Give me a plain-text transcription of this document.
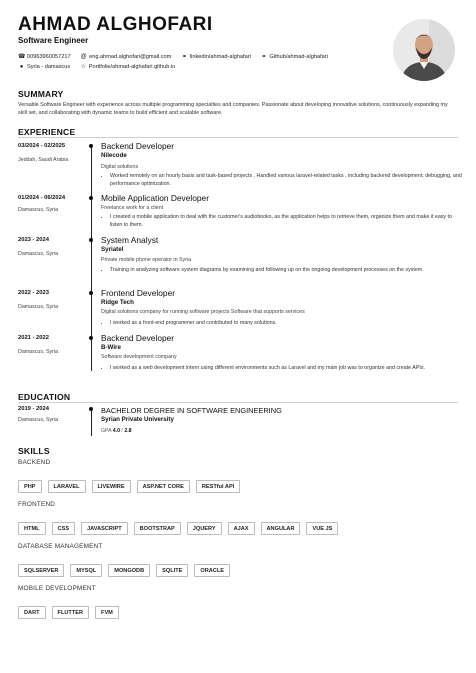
AHMAD ALGHOFARI
Software Engineer
☎ 00963960057217 @ eng.ahmad.alghofari@gmail.com ⚭ linkedin/ahmad-alghafari ⚭ Github/ahmad-alghafari
● Syria - damascus ☆ Portifolie/ahmad-alghafari.github.io
SUMMARY
Versatile Software Engineer with experience across multiple programming specialties and companies. Passionate about developing innovative solutions, continuously expanding my skill set, and collaborating with dynamic teams to build efficient and scalable software.
EXPERIENCE
03/2024 - 02/2025
Jeddah, Saudi Arabia
Backend Developer
Nilecode
Digital solutions
• Worked remotely on an hourly basis and task-based projects , Handled various laravel-related tasks , including backend development, debugging, and performance optimization.
01/2024 - 06/2024
Damascus, Syria
Mobile Application Developer
Freelance work for a client
• I created a mobile application to deal with the customer's audiobooks, as the application helps to retrieve them, organize them and make it easy to listen to them.
2023 - 2024
Damascus, Syria
System Analyst
Syriatel
Private mobile phone operator in Syria
• Training in analyzing software system diagrams by examining and following up on the ongoing development processes on the system.
2022 - 2023
Damascus, Syria
Frontend Developer
Ridge Tech
Digital solutions company for running software projects Software that supports services
• I worked as a front-end programmer and contributed to many solutions.
2021 - 2022
Damascus, Syria
Backend Developer
B-Wire
Software development company
• I worked as a web development intern using different environments such as Laravel and my main job was to organize and create APIs.
EDUCATION
2019 - 2024
Damascus, Syria
BACHELOR DEGREE IN SOFTWARE ENGINEERING
Syrian Private University
GPA 4.0 / 2.8
SKILLS
BACKEND
PHP	LARAVEL	LIVEWIRE	ASP.NET CORE	RESTful API
FRONTEND
HTML	CSS	JAVASCRIPT	BOOTSTRAP	JQUERY	AJAX	ANGULAR	VUE JS
DATABASE MANAGEMENT
SQLSERVER	MYSQL	MONGODB	SQLITE	ORACLE
MOBILE DEVELOPMENT
DART	FLUTTER	FVM
